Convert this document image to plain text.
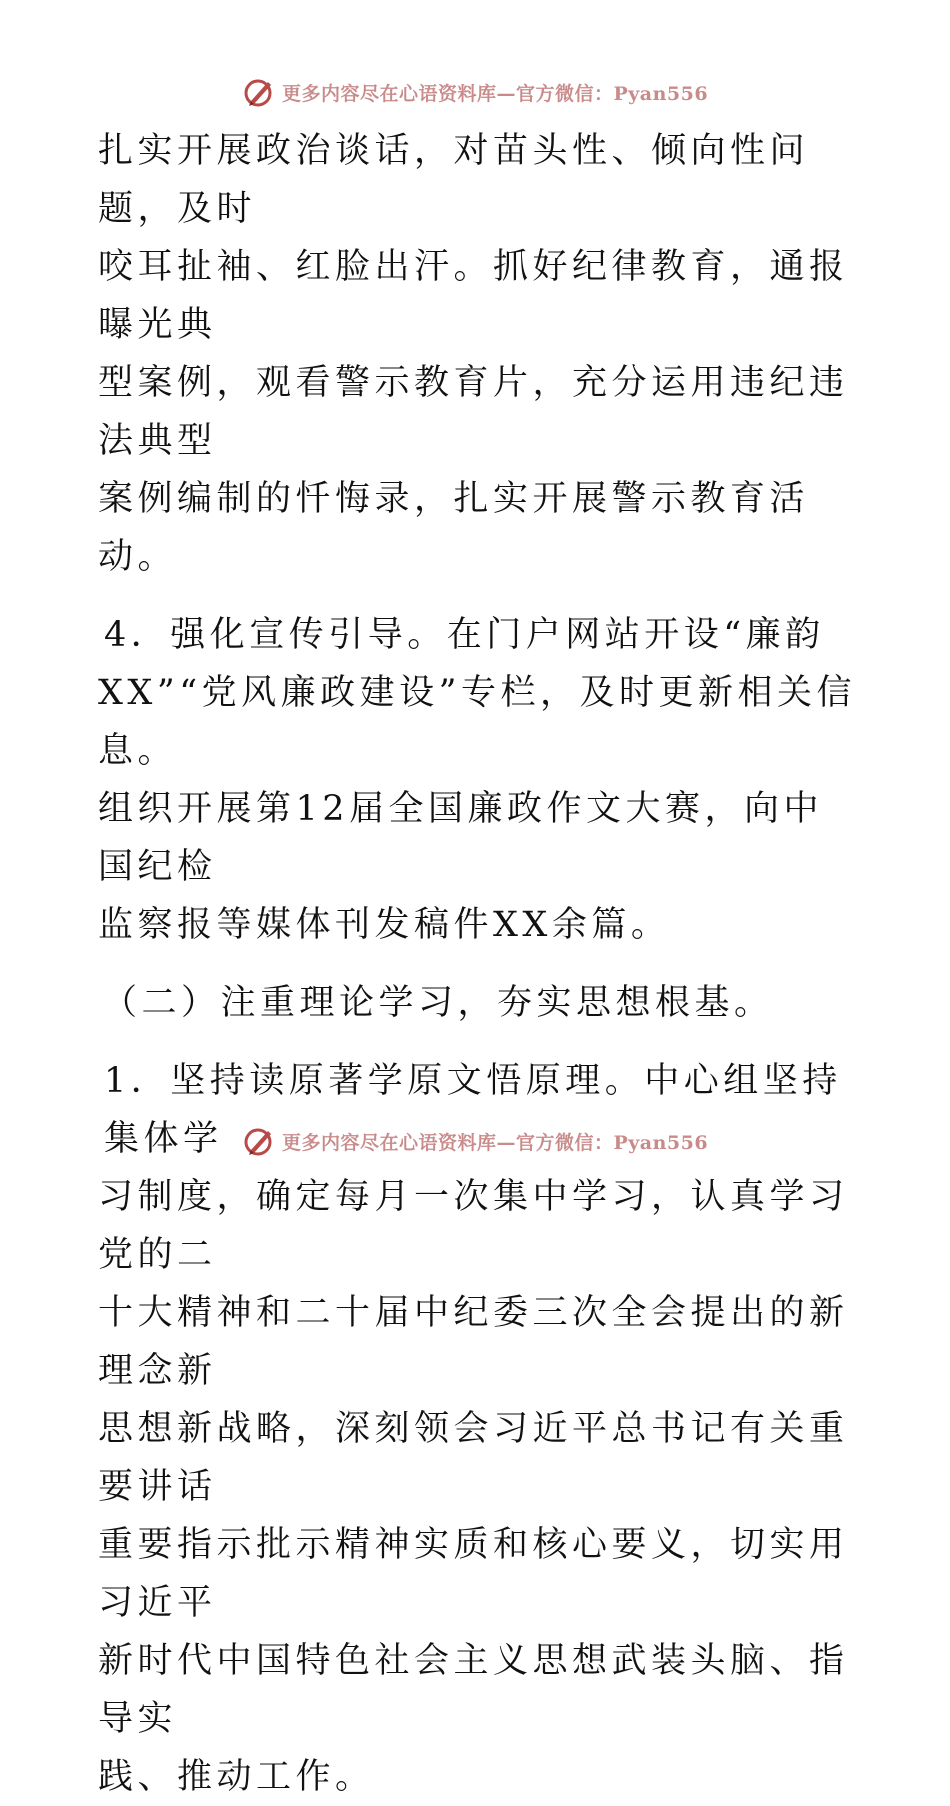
更多内容尽在心语资料库—官方微信：Pyan556

扎实开展政治谈话，对苗头性、倾向性问题，及时

咬耳扯袖、红脸出汗。抓好纪律教育，通报曝光典

型案例，观看警示教育片，充分运用违纪违法典型

案例编制的忏悔录，扎实开展警示教育活动。

4．强化宣传引导。在门户网站开设“廉韵

XX”“党风廉政建设”专栏，及时更新相关信息。

组织开展第12届全国廉政作文大赛，向中国纪检

监察报等媒体刊发稿件XX余篇。

（二）注重理论学习，夯实思想根基。

1．坚持读原著学原文悟原理。中心组坚持集体学

习制度，确定每月一次集中学习，认真学习党的二

十大精神和二十届中纪委三次全会提出的新理念新

思想新战略，深刻领会习近平总书记有关重要讲话

重要指示批示精神实质和核心要义，切实用习近平

新时代中国特色社会主义思想武装头脑、指导实

践、推动工作。

更多内容尽在心语资料库—官方微信：Pyan556
